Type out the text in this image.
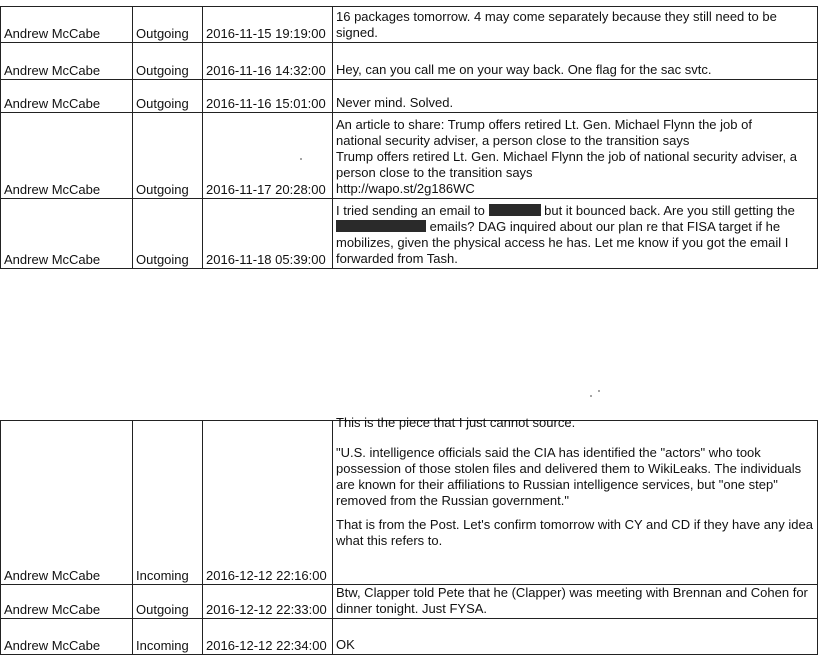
Andrew McCabe	Outgoing	2016-11-15 19:19:00	16 packages tomorrow. 4 may come separately because they still need to be
signed.

Andrew McCabe	Outgoing	2016-11-16 14:32:00	Hey, can you call me on your way back. One flag for the sac svtc.

Andrew McCabe	Outgoing	2016-11-16 15:01:00	Never mind. Solved.

Andrew McCabe	Outgoing	2016-11-17 20:28:00	An article to share: Trump offers retired Lt. Gen. Michael Flynn the job of
national security adviser, a person close to the transition says
Trump offers retired Lt. Gen. Michael Flynn the job of national security adviser, a
person close to the transition says
http://wapo.st/2g186WC

Andrew McCabe	Outgoing	2016-11-18 05:39:00	I tried sending an email to but it bounced back. Are you still getting the
emails? DAG inquired about our plan re that FISA target if he
mobilizes, given the physical access he has. Let me know if you got the email I
forwarded from Tash.
Andrew McCabe	Incoming	2016-12-12 22:16:00	This is the piece that I just cannot source.

"U.S. intelligence officials said the CIA has identified the "actors" who took possession of those stolen files and delivered them to WikiLeaks. The individuals are known for their affiliations to Russian intelligence services, but "one step" removed from the Russian government."

That is from the Post. Let's confirm tomorrow with CY and CD if they have any idea what this refers to.

Andrew McCabe	Outgoing	2016-12-12 22:33:00	Btw, Clapper told Pete that he (Clapper) was meeting with Brennan and Cohen for dinner tonight. Just FYSA.
Andrew McCabe	Incoming	2016-12-12 22:34:00	OK
